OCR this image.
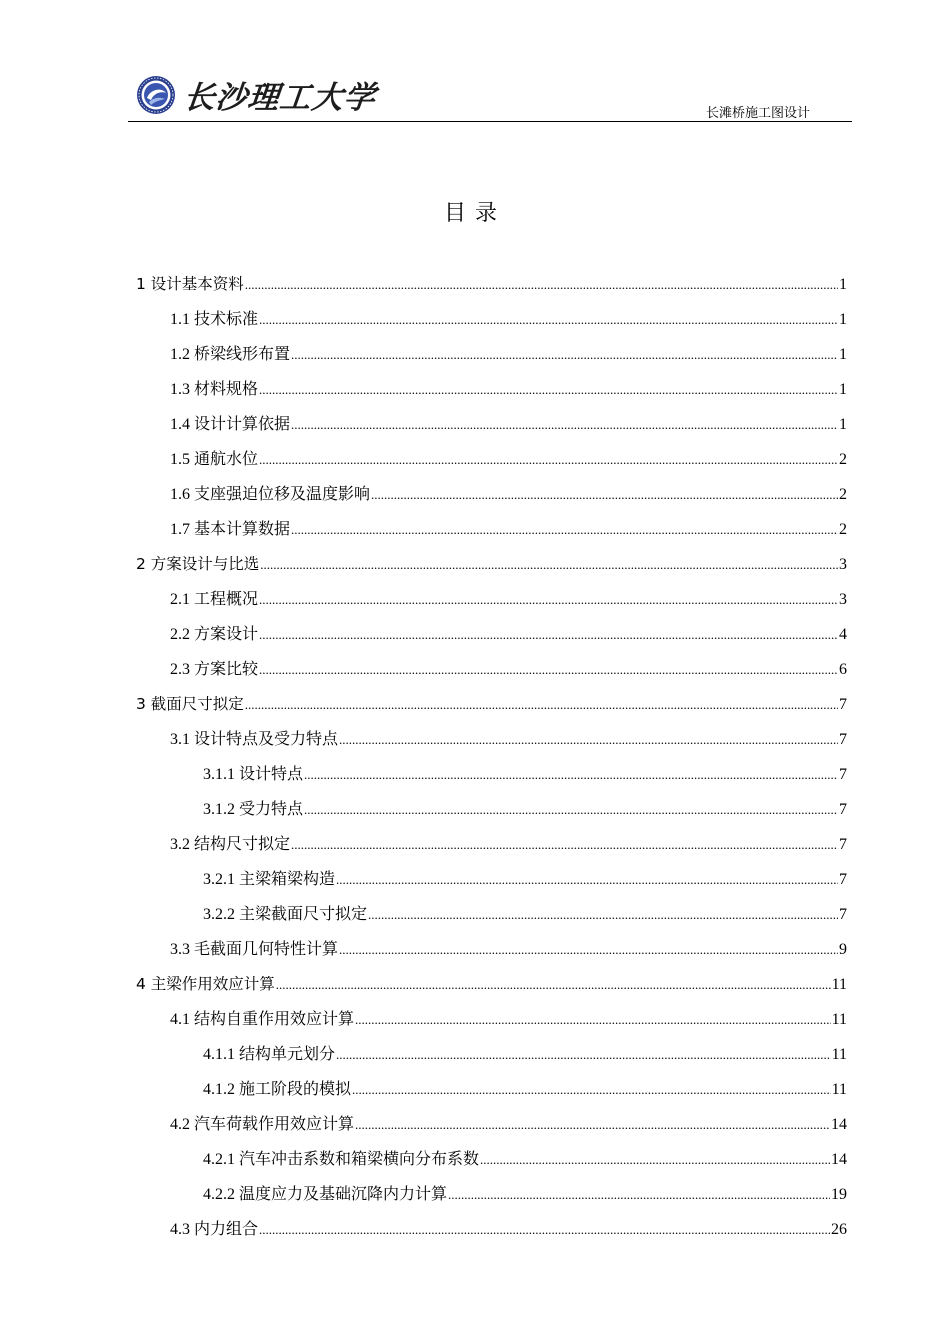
长沙理工大学	长滩桥施工图设计
目录
1 设计基本资料 .....	1
1.1 技术标准 .....	1
1.2 桥梁线形布置 .....	1
1.3 材料规格 .....	1
1.4 设计计算依据 .....	1
1.5 通航水位 .....	2
1.6 支座强迫位移及温度影响 .....	2
1.7 基本计算数据 .....	2
2 方案设计与比选 .....	3
2.1 工程概况 .....	3
2.2 方案设计 .....	4
2.3 方案比较 .....	6
3 截面尺寸拟定 .....	7
3.1 设计特点及受力特点 .....	7
3.1.1 设计特点 .....	7
3.1.2 受力特点 .....	7
3.2 结构尺寸拟定 .....	7
3.2.1 主梁箱梁构造 .....	7
3.2.2 主梁截面尺寸拟定 .....	7
3.3 毛截面几何特性计算 .....	9
4 主梁作用效应计算 .....	11
4.1 结构自重作用效应计算 .....	11
4.1.1 结构单元划分 .....	11
4.1.2 施工阶段的模拟 .....	11
4.2 汽车荷载作用效应计算 .....	14
4.2.1 汽车冲击系数和箱梁横向分布系数 .....	14
4.2.2 温度应力及基础沉降内力计算 .....	19
4.3 内力组合 .....	26
